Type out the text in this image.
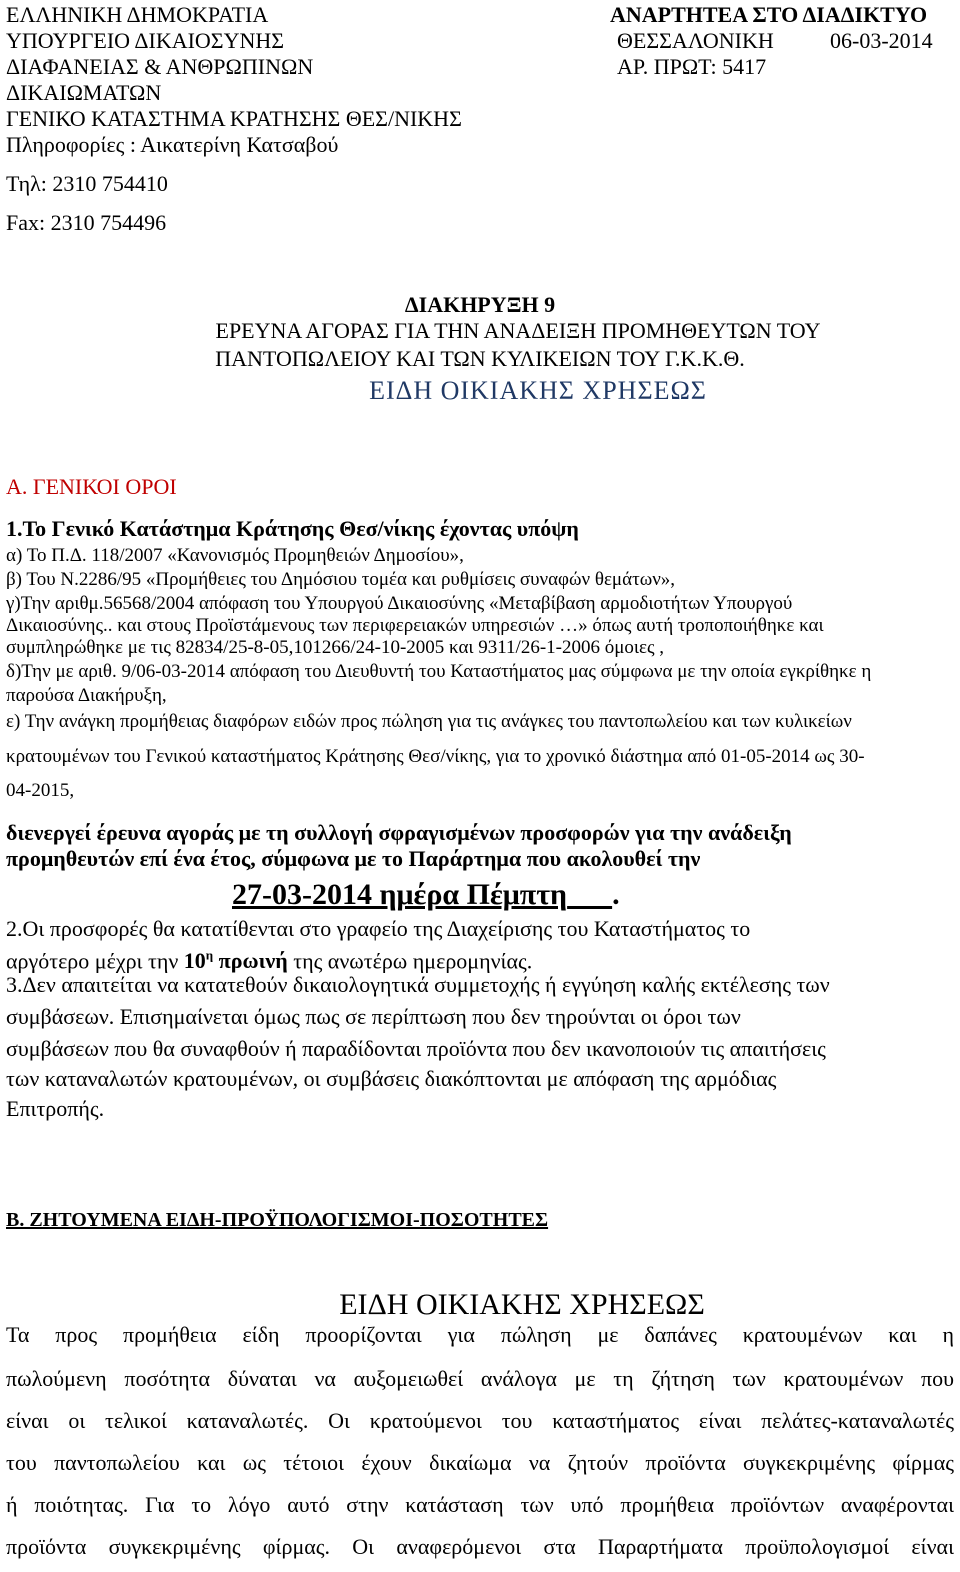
ΕΛΛΗΝΙΚΗ ΔΗΜΟΚΡΑΤΙΑ
ΥΠΟΥΡΓΕΙΟ ΔΙΚΑΙΟΣΥΝΗΣ
ΔΙΑΦΑΝΕΙΑΣ & ΑΝΘΡΩΠΙΝΩΝ
ΔΙΚΑΙΩΜΑΤΩΝ
ΓΕΝΙΚΟ ΚΑΤΑΣΤΗΜΑ ΚΡΑΤΗΣΗΣ ΘΕΣ/ΝΙΚΗΣ
Πληροφορίες : Αικατερίνη Κατσαβού
Τηλ: 2310 754410
Fax: 2310 754496
ΑΝΑΡΤΗΤΕΑ ΣΤΟ ΔΙΑΔΙΚΤΥΟ
ΘΕΣΣΑΛΟΝΙΚΗ	06-03-2014
ΑΡ. ΠΡΩΤ: 5417
ΔΙΑΚΗΡΥΞΗ 9
ΕΡΕΥΝΑ ΑΓΟΡΑΣ ΓΙΑ ΤΗΝ ΑΝΑΔΕΙΞΗ ΠΡΟΜΗΘΕΥΤΩΝ ΤΟΥ
ΠΑΝΤΟΠΩΛΕΙΟΥ ΚΑΙ ΤΩΝ ΚΥΛΙΚΕΙΩΝ ΤΟΥ Γ.Κ.Κ.Θ.
ΕΙΔΗ ΟΙΚΙΑΚΗΣ ΧΡΗΣΕΩΣ
Α. ΓΕΝΙΚΟΙ ΟΡΟΙ
1.Το Γενικό Κατάστημα Κράτησης Θεσ/νίκης έχοντας υπόψη
α) Το Π.Δ. 118/2007 «Κανονισμός Προμηθειών Δημοσίου»,
β) Του Ν.2286/95 «Προμήθειες του Δημόσιου τομέα και ρυθμίσεις συναφών θεμάτων»,
γ)Την αριθμ.56568/2004 απόφαση του Υπουργού Δικαιοσύνης «Μεταβίβαση αρμοδιοτήτων Υπουργού
Δικαιοσύνης.. και στους Προϊστάμενους των περιφερειακών υπηρεσιών …» όπως αυτή τροποποιήθηκε και
συμπληρώθηκε με τις 82834/25-8-05,101266/24-10-2005 και 9311/26-1-2006 όμοιες ,
δ)Την με αριθ. 9/06-03-2014 απόφαση του Διευθυντή του Καταστήματος μας σύμφωνα με την οποία εγκρίθηκε η
παρούσα Διακήρυξη,
ε) Την ανάγκη προμήθειας διαφόρων ειδών προς πώληση για τις ανάγκες του παντοπωλείου και των κυλικείων
κρατουμένων του Γενικού καταστήματος Κράτησης Θεσ/νίκης, για το χρονικό διάστημα από 01-05-2014 ως 30-
04-2015,
διενεργεί έρευνα αγοράς με τη συλλογή σφραγισμένων προσφορών για την ανάδειξη
προμηθευτών επί ένα έτος, σύμφωνα με το Παράρτημα που ακολουθεί την
27-03-2014 ημέρα Πέμπτη   .
2.Οι προσφορές θα κατατίθενται στο γραφείο της Διαχείρισης του Καταστήματος το
αργότερο μέχρι την $10^\eta$ πρωινή της ανωτέρω ημερομηνίας.
3.Δεν απαιτείται να κατατεθούν δικαιολογητικά συμμετοχής ή εγγύηση καλής εκτέλεσης των
συμβάσεων. Επισημαίνεται όμως πως σε περίπτωση που δεν τηρούνται οι όροι των
συμβάσεων που θα συναφθούν ή παραδίδονται προϊόντα που δεν ικανοποιούν τις απαιτήσεις
των καταναλωτών κρατουμένων, οι συμβάσεις διακόπτονται με απόφαση της αρμόδιας
Επιτροπής.
Β. ΖΗΤΟΥΜΕΝΑ ΕΙΔΗ-ΠΡΟΫΠΟΛΟΓΙΣΜΟΙ-ΠΟΣΟΤΗΤΕΣ
ΕΙΔΗ ΟΙΚΙΑΚΗΣ ΧΡΗΣΕΩΣ
Τα προς προμήθεια είδη προορίζονται για πώληση με δαπάνες κρατουμένων και η
πωλούμενη ποσότητα δύναται να αυξομειωθεί ανάλογα με τη ζήτηση των κρατουμένων που
είναι οι τελικοί καταναλωτές. Οι κρατούμενοι του καταστήματος είναι πελάτες-καταναλωτές
του παντοπωλείου και ως τέτοιοι έχουν δικαίωμα να ζητούν προϊόντα συγκεκριμένης φίρμας
ή ποιότητας. Για το λόγο αυτό στην κατάσταση των υπό προμήθεια προϊόντων αναφέρονται
προϊόντα συγκεκριμένης φίρμας. Οι αναφερόμενοι στα Παραρτήματα προϋπολογισμοί είναι
